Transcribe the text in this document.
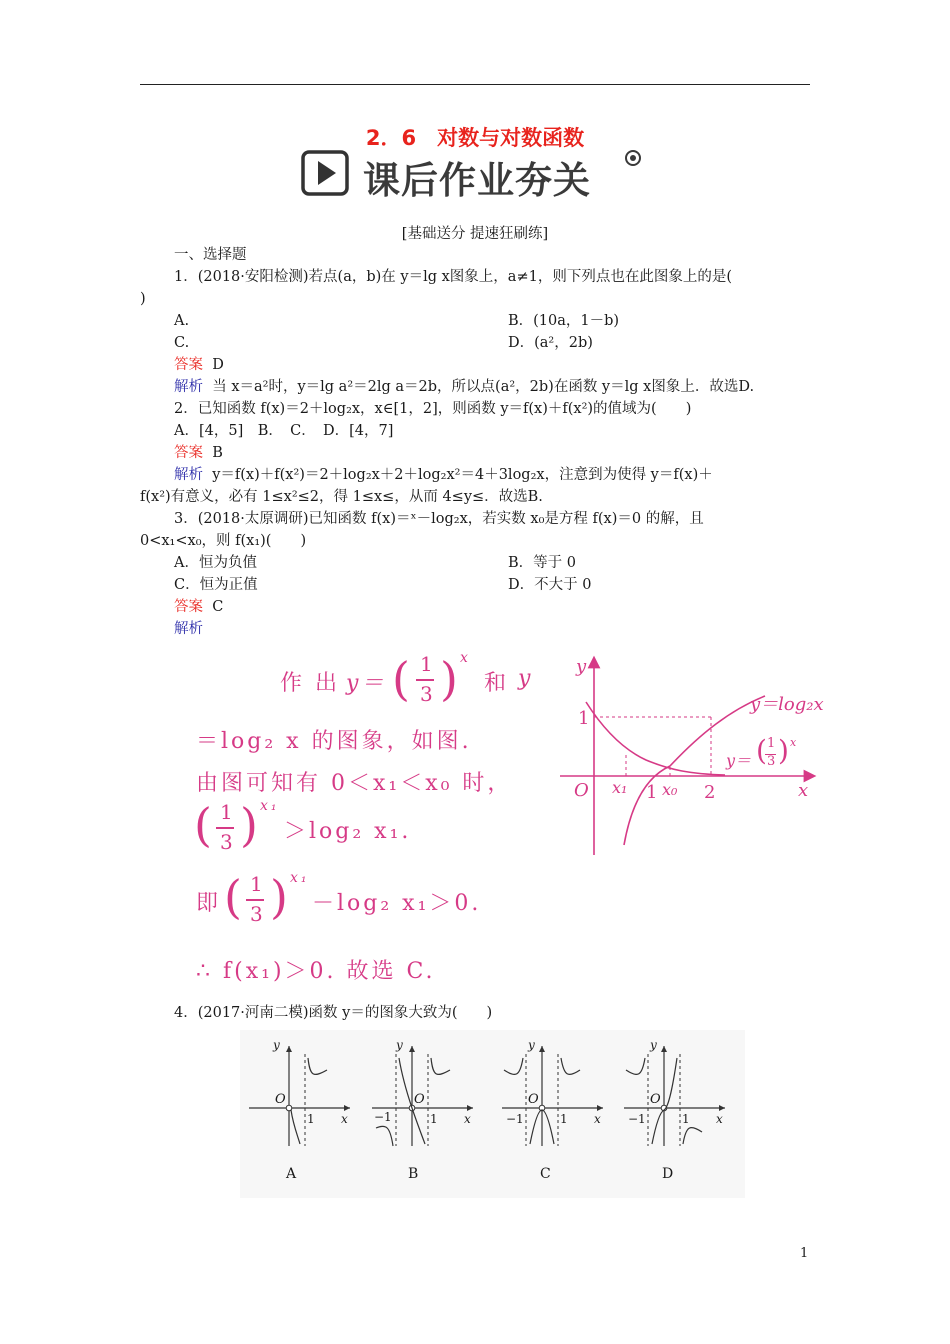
2．6　对数与对数函数
课后作业夯关
[基础送分 提速狂刷练]
一、选择题
1．(2018·安阳检测)若点(a，b)在 y＝lg x图象上，a≠1，则下列点也在此图象上的是(
)
A.	B．(10a，1－b)
C.	D．(a²，2b)
答案 D
解析 当 x＝a²时，y＝lg a²＝2lg a＝2b，所以点(a²，2b)在函数 y＝lg x图象上．故选D.
2．已知函数 f(x)＝2＋log₂x，x∈[1，2]，则函数 y＝f(x)＋f(x²)的值域为(　　)
A．[4，5]　B．　C．　D．[4，7]
答案 B
解析 y＝f(x)＋f(x²)＝2＋log₂x＋2＋log₂x²＝4＋3log₂x，注意到为使得 y＝f(x)＋
f(x²)有意义，必有 1≤x²≤2，得 1≤x≤，从而 4≤y≤．故选B.
3．(2018·太原调研)已知函数 f(x)＝ˣ－log₂x，若实数 x₀是方程 f(x)＝0 的解，且
0<x₁<x₀，则 f(x₁)(　　)
A．恒为负值	B．等于 0
C．恒为正值	D．不大于 0
答案 C
解析
作 出 y＝ ( 1
3 ) x
和 y
＝log₂ x 的图象，如图.
由图可知有 0＜x₁＜x₀ 时，
( 1
3 ) x₁
＞log₂ x₁.
即 ( 1
3 ) x₁
－log₂ x₁＞0.
∴ f(x₁)＞0. 故选 C.
y
x
O
1
x₁ 1 x₀ 2
y＝log₂x
y＝ ( 1
3 ) x
4．(2017·河南二模)函数 y＝的图象大致为(　　)
y
x
O
1
A
y
x
O
−1	1
B
y
x
O
−1	1
C
y
x
O
−1	1
D
1
